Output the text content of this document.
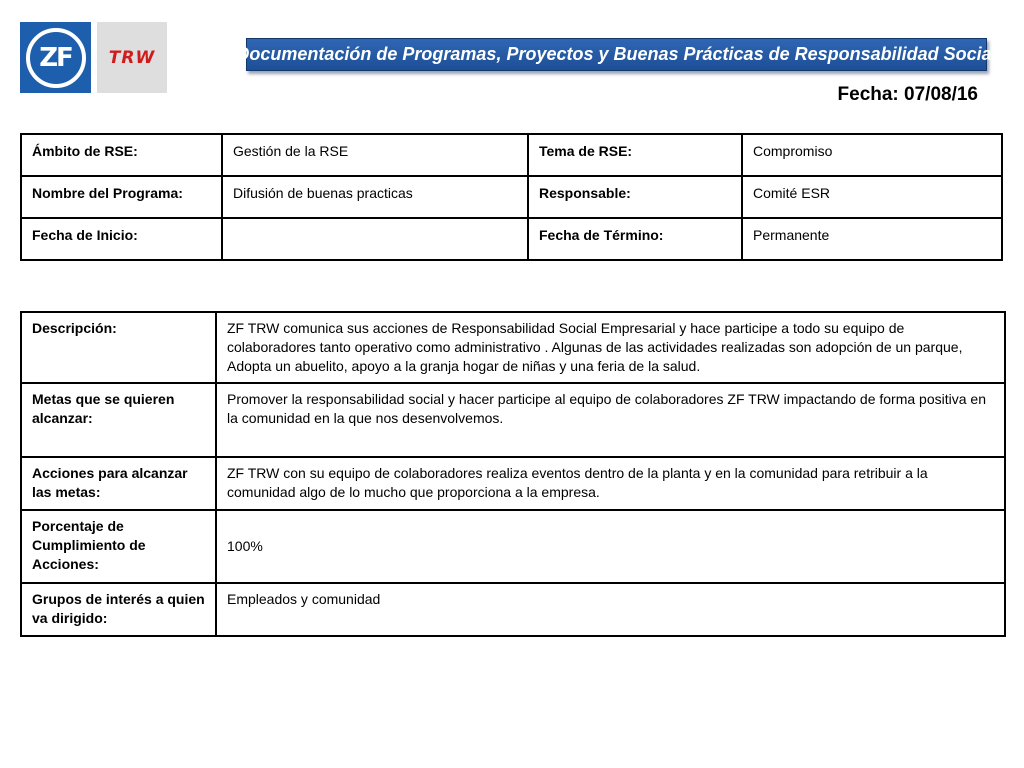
ZF	TRW	Documentación de Programas, Proyectos y Buenas Prácticas de Responsabilidad Social
Fecha: 07/08/16
Ámbito de RSE:	Gestión de la RSE	Tema de RSE:	Compromiso
Nombre del Programa:	Difusión de buenas practicas	Responsable:	Comité ESR
Fecha de Inicio:		Fecha de Término:	Permanente
Descripción:	ZF TRW comunica sus acciones de Responsabilidad Social Empresarial y hace participe a todo su equipo de colaboradores tanto operativo como administrativo . Algunas de las actividades realizadas son adopción de un parque, Adopta un abuelito, apoyo a la granja hogar de niñas y una feria de la salud.
Metas que se quieren alcanzar:	Promover la responsabilidad social y hacer participe al equipo de colaboradores ZF TRW impactando de forma positiva en la comunidad en la que nos desenvolvemos.
Acciones para alcanzar las metas:	ZF TRW con su equipo de colaboradores realiza eventos dentro de la planta y en la comunidad para retribuir a la comunidad algo de lo mucho que proporciona a la empresa.
Porcentaje de Cumplimiento de Acciones:	100%
Grupos de interés a quien va dirigido:	Empleados y comunidad
